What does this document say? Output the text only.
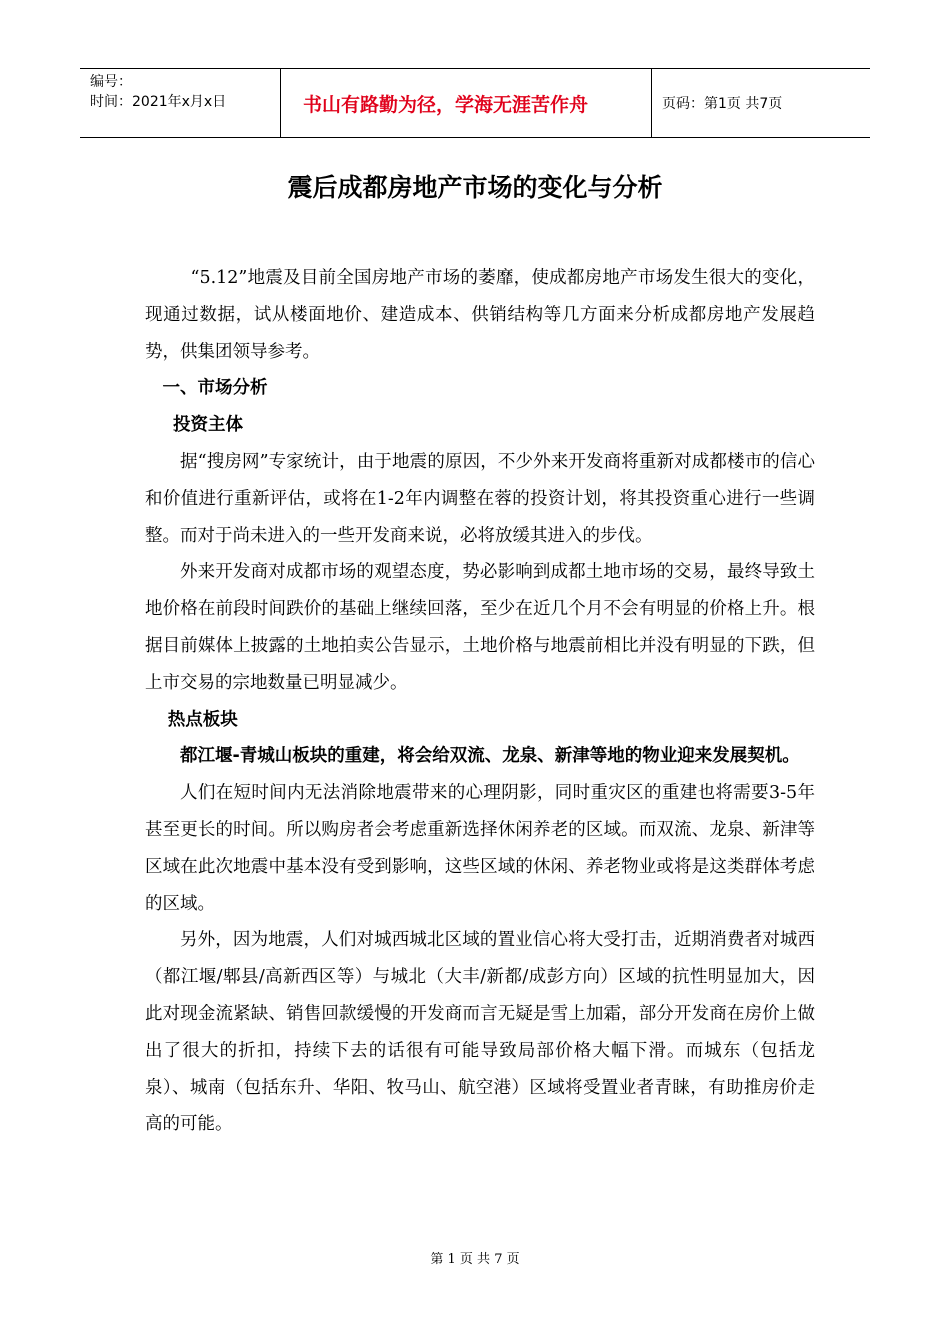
编号：
时间：2021年x月x日	书山有路勤为径，学海无涯苦作舟	页码：第1页 共7页
震后成都房地产市场的变化与分析

“5.12”地震及目前全国房地产市场的萎靡，使成都房地产市场发生很大的变化，现通过数据，试从楼面地价、建造成本、供销结构等几方面来分析成都房地产发展趋势，供集团领导参考。

一、市场分析

投资主体

据“搜房网”专家统计，由于地震的原因，不少外来开发商将重新对成都楼市的信心和价值进行重新评估，或将在1-2年内调整在蓉的投资计划，将其投资重心进行一些调整。而对于尚未进入的一些开发商来说，必将放缓其进入的步伐。

外来开发商对成都市场的观望态度，势必影响到成都土地市场的交易，最终导致土地价格在前段时间跌价的基础上继续回落，至少在近几个月不会有明显的价格上升。根据目前媒体上披露的土地拍卖公告显示，土地价格与地震前相比并没有明显的下跌，但上市交易的宗地数量已明显减少。

热点板块

都江堰-青城山板块的重建，将会给双流、龙泉、新津等地的物业迎来发展契机。

人们在短时间内无法消除地震带来的心理阴影，同时重灾区的重建也将需要3-5年甚至更长的时间。所以购房者会考虑重新选择休闲养老的区域。而双流、龙泉、新津等区域在此次地震中基本没有受到影响，这些区域的休闲、养老物业或将是这类群体考虑的区域。

另外，因为地震，人们对城西城北区域的置业信心将大受打击，近期消费者对城西（都江堰/郫县/高新西区等）与城北（大丰/新都/成彭方向）区域的抗性明显加大，因此对现金流紧缺、销售回款缓慢的开发商而言无疑是雪上加霜，部分开发商在房价上做出了很大的折扣，持续下去的话很有可能导致局部价格大幅下滑。而城东（包括龙泉）、城南（包括东升、华阳、牧马山、航空港）区域将受置业者青睐，有助推房价走高的可能。

第 1 页 共 7 页
